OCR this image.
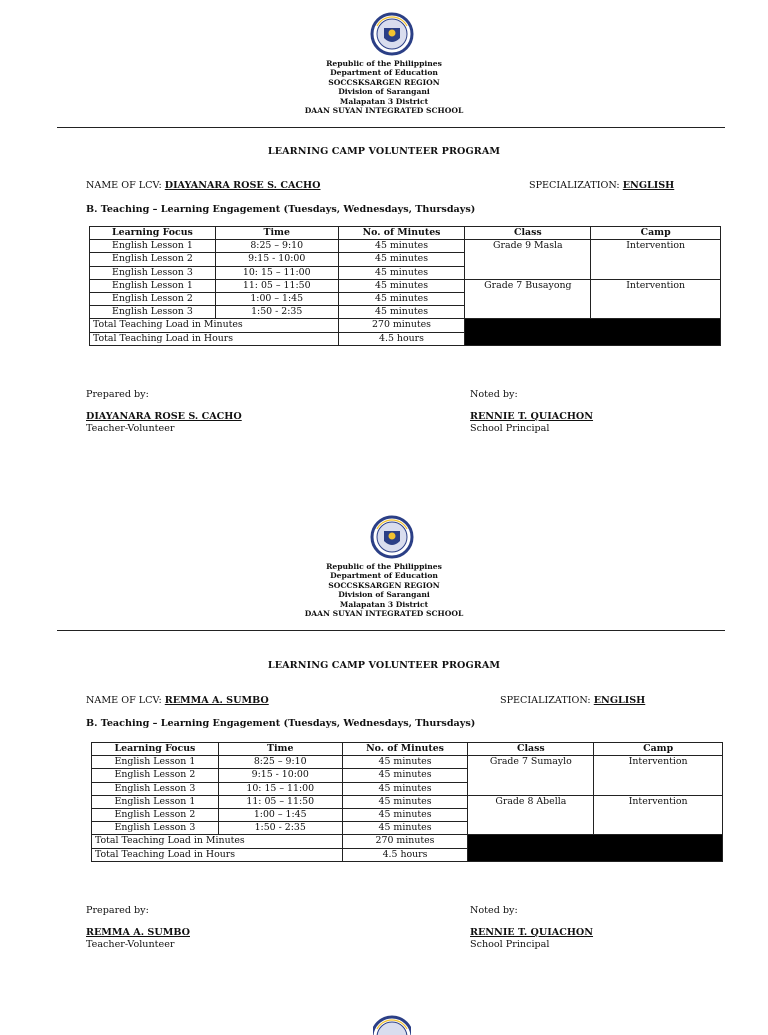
Republic of the Philippines
Department of Education
SOCCSKSARGEN REGION
Division of Sarangani
Malapatan 3 District
DAAN SUYAN INTEGRATED SCHOOL
LEARNING CAMP VOLUNTEER PROGRAM
NAME OF LCV: DIAYANARA ROSE S. CACHO	SPECIALIZATION: ENGLISH
B. Teaching – Learning Engagement (Tuesdays, Wednesdays, Thursdays)
Learning Focus	Time	No. of Minutes	Class	Camp
English Lesson 1	8:25 – 9:10	45 minutes	Grade 9 Masla	Intervention
English Lesson 2	9:15 - 10:00	45 minutes		
English Lesson 3	10: 15 – 11:00	45 minutes		
English Lesson 1	11: 05 – 11:50	45 minutes	Grade 7 Busayong	Intervention
English Lesson 2	1:00 – 1:45	45 minutes		
English Lesson 3	1:50 - 2:35	45 minutes		
Total Teaching Load in Minutes		270 minutes		
Total Teaching Load in Hours		4.5 hours		
Prepared by:	Noted by:
DIAYANARA ROSE S. CACHO
Teacher-Volunteer
RENNIE T. QUIACHON
School Principal
Republic of the Philippines
Department of Education
SOCCSKSARGEN REGION
Division of Sarangani
Malapatan 3 District
DAAN SUYAN INTEGRATED SCHOOL
LEARNING CAMP VOLUNTEER PROGRAM
NAME OF LCV: REMMA A. SUMBO	SPECIALIZATION: ENGLISH
B. Teaching – Learning Engagement (Tuesdays, Wednesdays, Thursdays)
Learning Focus	Time	No. of Minutes	Class	Camp
English Lesson 1	8:25 – 9:10	45 minutes	Grade 7 Sumaylo	Intervention
English Lesson 2	9:15 - 10:00	45 minutes		
English Lesson 3	10: 15 – 11:00	45 minutes		
English Lesson 1	11: 05 – 11:50	45 minutes	Grade 8 Abella	Intervention
English Lesson 2	1:00 – 1:45	45 minutes		
English Lesson 3	1:50 - 2:35	45 minutes		
Total Teaching Load in Minutes		270 minutes		
Total Teaching Load in Hours		4.5 hours		
Prepared by:	Noted by:
REMMA A. SUMBO
Teacher-Volunteer
RENNIE T. QUIACHON
School Principal
